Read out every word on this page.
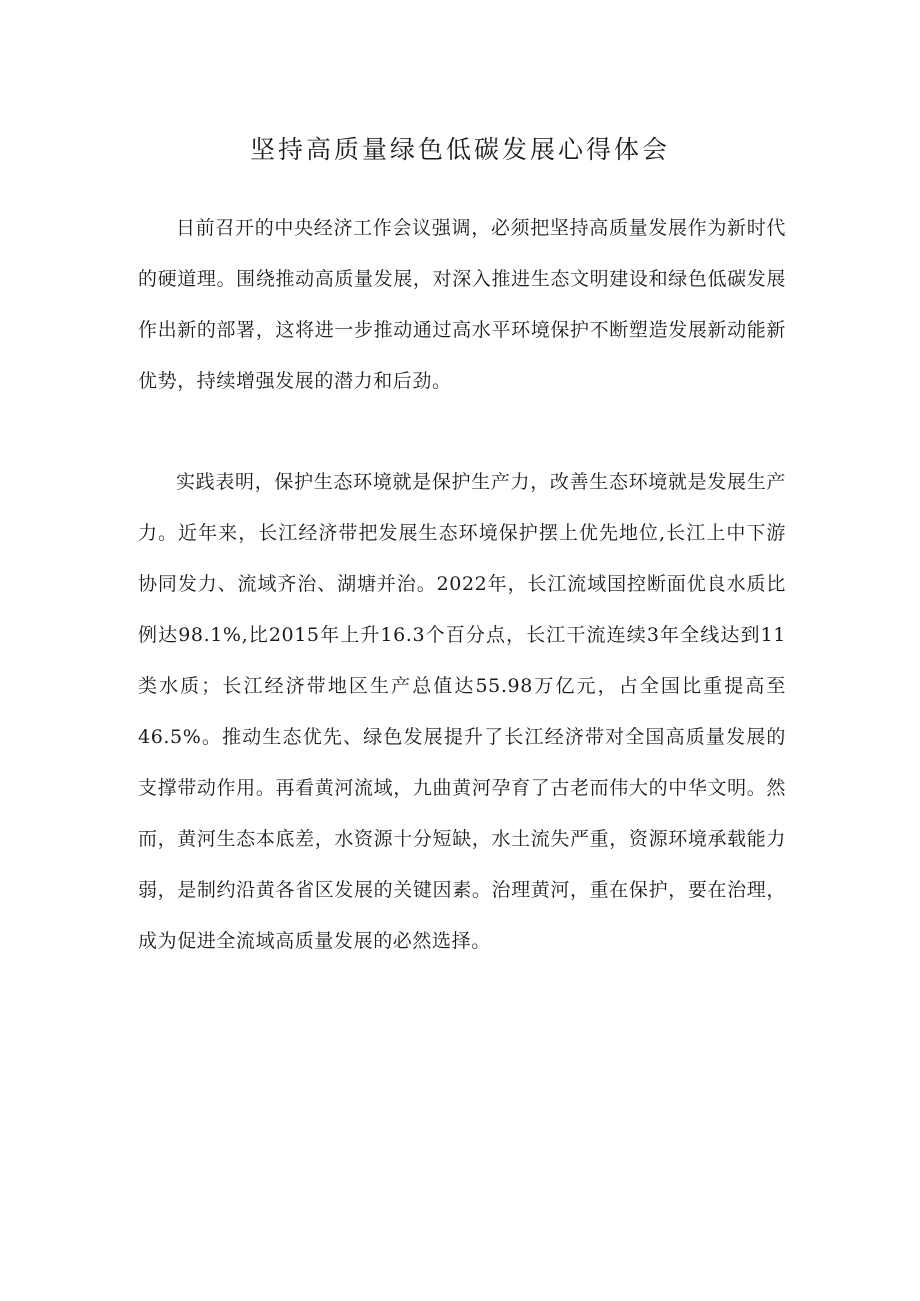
坚持高质量绿色低碳发展心得体会

日前召开的中央经济工作会议强调，必须把坚持高质量发展作为新时代的硬道理。围绕推动高质量发展，对深入推进生态文明建设和绿色低碳发展作出新的部署，这将进一步推动通过高水平环境保护不断塑造发展新动能新优势，持续增强发展的潜力和后劲。

实践表明，保护生态环境就是保护生产力，改善生态环境就是发展生产力。近年来，长江经济带把发展生态环境保护摆上优先地位,长江上中下游协同发力、流域齐治、湖塘并治。2022年，长江流域国控断面优良水质比例达98.1%,比2015年上升16.3个百分点，长江干流连续3年全线达到11类水质；长江经济带地区生产总值达55.98万亿元，占全国比重提高至46.5%。推动生态优先、绿色发展提升了长江经济带对全国高质量发展的支撑带动作用。再看黄河流域，九曲黄河孕育了古老而伟大的中华文明。然而，黄河生态本底差，水资源十分短缺，水土流失严重，资源环境承载能力弱，是制约沿黄各省区发展的关键因素。治理黄河，重在保护，要在治理，成为促进全流域高质量发展的必然选择。
